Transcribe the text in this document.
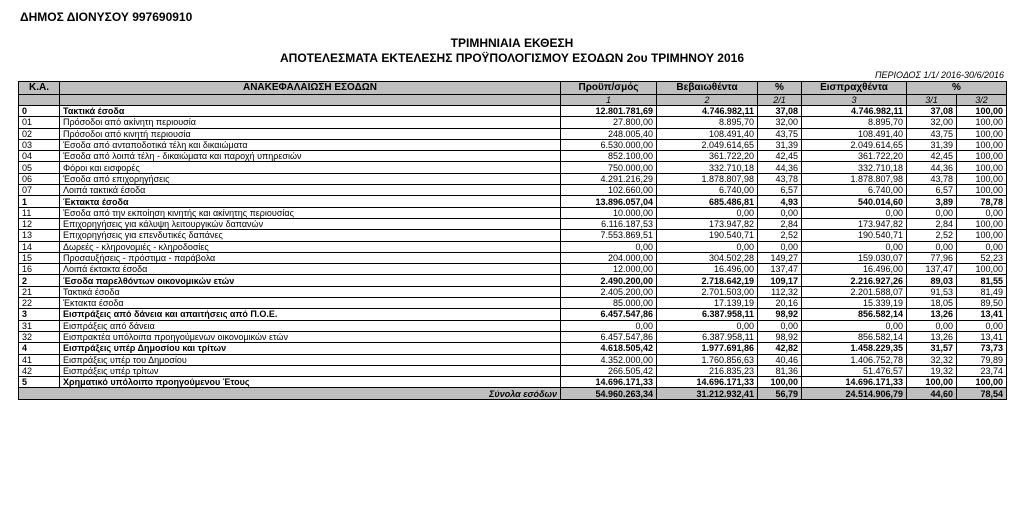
ΔΗΜΟΣ ΔΙΟΝΥΣΟΥ 997690910
ΤΡΙΜΗΝΙΑΙΑ ΕΚΘΕΣΗ
ΑΠΟΤΕΛΕΣΜΑΤΑ ΕΚΤΕΛΕΣΗΣ ΠΡΟΫΠΟΛΟΓΙΣΜΟΥ ΕΣΟΔΩΝ 2ου ΤΡΙΜΗΝΟΥ 2016
ΠΕΡΙΟΔΟΣ 1/1/ 2016-30/6/2016
Κ.Α.	ΑΝΑΚΕΦΑΛΑΙΩΣΗ ΕΣΟΔΩΝ	Προϋπ/σμός	Βεβαιωθέντα	%	Εισπραχθέντα	%	
		1	2	2/1	3	3/1	3/2
0	Τακτικά έσοδα	12.801.781,69	4.746.982,11	37,08	4.746.982,11	37,08	100,00
01	Πρόσοδοι από ακίνητη περιουσία	27.800,00	8.895,70	32,00	8.895,70	32,00	100,00
02	Πρόσοδοι από κινητή περιουσία	248.005,40	108.491,40	43,75	108.491,40	43,75	100,00
03	Έσοδα από ανταποδοτικά τέλη και δικαιώματα	6.530.000,00	2.049.614,65	31,39	2.049.614,65	31,39	100,00
04	Έσοδα από λοιπά τέλη - δικαιώματα και παροχή υπηρεσιών	852.100,00	361.722,20	42,45	361.722,20	42,45	100,00
05	Φόροι και εισφορές	750.000,00	332.710,18	44,36	332.710,18	44,36	100,00
06	Έσοδα από επιχορηγήσεις	4.291.216,29	1.878.807,98	43,78	1.878.807,98	43,78	100,00
07	Λοιπά τακτικά έσοδα	102.660,00	6.740,00	6,57	6.740,00	6,57	100,00
1	Έκτακτα έσοδα	13.896.057,04	685.486,81	4,93	540.014,60	3,89	78,78
11	Έσοδα από την εκποίηση κινητής και ακίνητης περιουσίας	10.000,00	0,00	0,00	0,00	0,00	0,00
12	Επιχορηγήσεις για κάλυψη λειτουργικών δαπανών	6.116.187,53	173.947,82	2,84	173.947,82	2,84	100,00
13	Επιχορηγήσεις για επενδυτικές δαπάνες	7.553.869,51	190.540,71	2,52	190.540,71	2,52	100,00
14	Δωρεές - κληρονομιές - κληροδοσίες	0,00	0,00	0,00	0,00	0,00	0,00
15	Προσαυξήσεις - πρόστιμα - παράβολα	204.000,00	304.502,28	149,27	159.030,07	77,96	52,23
16	Λοιπά έκτακτα έσοδα	12.000,00	16.496,00	137,47	16.496,00	137,47	100,00
2	Έσοδα παρελθόντων οικονομικών ετών	2.490.200,00	2.718.642,19	109,17	2.216.927,26	89,03	81,55
21	Τακτικά έσοδα	2.405.200,00	2.701.503,00	112,32	2.201.588,07	91,53	81,49
22	Έκτακτα έσοδα	85.000,00	17.139,19	20,16	15.339,19	18,05	89,50
3	Εισπράξεις από δάνεια και απαιτήσεις από Π.Ο.Ε.	6.457.547,86	6.387.958,11	98,92	856.582,14	13,26	13,41
31	Εισπράξεις από δάνεια	0,00	0,00	0,00	0,00	0,00	0,00
32	Εισπρακτέα υπόλοιπα προηγούμενων οικονομικών ετών	6.457.547,86	6.387.958,11	98,92	856.582,14	13,26	13,41
4	Εισπράξεις υπέρ Δημοσίου και τρίτων	4.618.505,42	1.977.691,86	42,82	1.458.229,35	31,57	73,73
41	Εισπράξεις υπέρ του Δημοσίου	4.352.000,00	1.760.856,63	40,46	1.406.752,78	32,32	79,89
42	Εισπράξεις υπέρ τρίτων	266.505,42	216.835,23	81,36	51.476,57	19,32	23,74
5	Χρηματικό υπόλοιπο προηγούμενου Έτους	14.696.171,33	14.696.171,33	100,00	14.696.171,33	100,00	100,00
Σύνολα εσόδων		54.960.263,34	31.212.932,41	56,79	24.514.906,79	44,60	78,54
